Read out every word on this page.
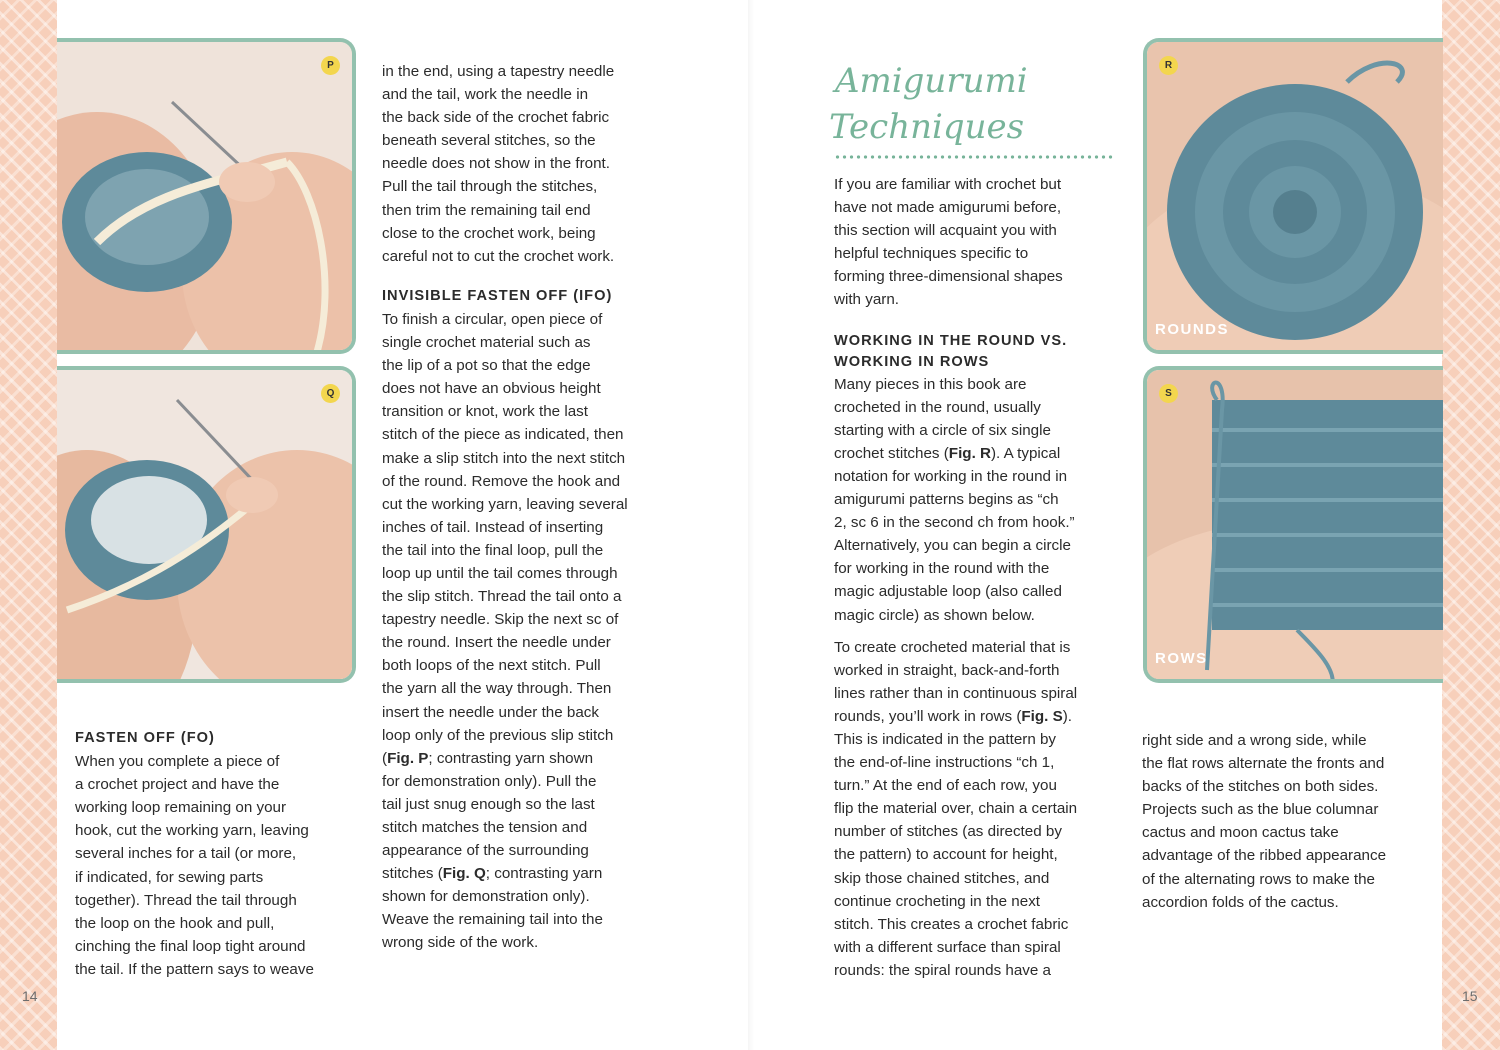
P
Q
FASTEN OFF (FO)
When you complete a piece of
a crochet project and have the
working loop remaining on your
hook, cut the working yarn, leaving
several inches for a tail (or more,
if indicated, for sewing parts
together). Thread the tail through
the loop on the hook and pull,
cinching the final loop tight around
the tail. If the pattern says to weave

in the end, using a tapestry needle
and the tail, work the needle in
the back side of the crochet fabric
beneath several stitches, so the
needle does not show in the front.
Pull the tail through the stitches,
then trim the remaining tail end
close to the crochet work, being
careful not to cut the crochet work.

INVISIBLE FASTEN OFF (IFO)
To finish a circular, open piece of
single crochet material such as
the lip of a pot so that the edge
does not have an obvious height
transition or knot, work the last
stitch of the piece as indicated, then
make a slip stitch into the next stitch
of the round. Remove the hook and
cut the working yarn, leaving several
inches of tail. Instead of inserting
the tail into the final loop, pull the
loop up until the tail comes through
the slip stitch. Thread the tail onto a
tapestry needle. Skip the next sc of
the round. Insert the needle under
both loops of the next stitch. Pull
the yarn all the way through. Then
insert the needle under the back
loop only of the previous slip stitch
(Fig. P; contrasting yarn shown
for demonstration only). Pull the
tail just snug enough so the last
stitch matches the tension and
appearance of the surrounding
stitches (Fig. Q; contrasting yarn
shown for demonstration only).
Weave the remaining tail into the
wrong side of the work.
14
Amigurumi
Techniques

If you are familiar with crochet but
have not made amigurumi before,
this section will acquaint you with
helpful techniques specific to
forming three-dimensional shapes
with yarn.

WORKING IN THE ROUND VS.
WORKING IN ROWS

Many pieces in this book are
crocheted in the round, usually
starting with a circle of six single
crochet stitches (Fig. R). A typical
notation for working in the round in
amigurumi patterns begins as “ch
2, sc 6 in the second ch from hook.”
Alternatively, you can begin a circle
for working in the round with the
magic adjustable loop (also called
magic circle) as shown below.

To create crocheted material that is
worked in straight, back-and-forth
lines rather than in continuous spiral
rounds, you’ll work in rows (Fig. S).
This is indicated in the pattern by
the end-of-line instructions “ch 1,
turn.” At the end of each row, you
flip the material over, chain a certain
number of stitches (as directed by
the pattern) to account for height,
skip those chained stitches, and
continue crocheting in the next
stitch. This creates a crochet fabric
with a different surface than spiral
rounds: the spiral rounds have a

R
ROUNDS
S
ROWS
right side and a wrong side, while
the flat rows alternate the fronts and
backs of the stitches on both sides.
Projects such as the blue columnar
cactus and moon cactus take
advantage of the ribbed appearance
of the alternating rows to make the
accordion folds of the cactus.
15
